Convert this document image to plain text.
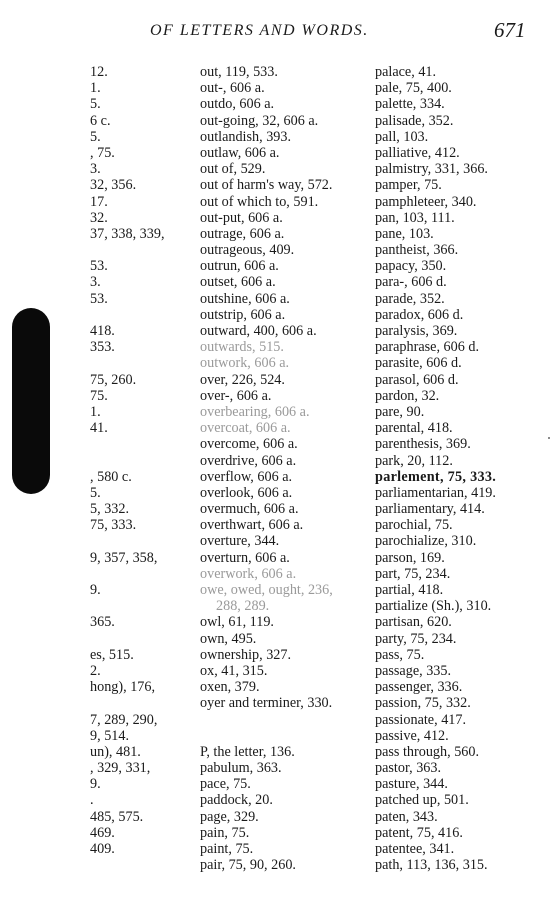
OF LETTERS AND WORDS.	671
12.
1.
5.
6 c.
5.
, 75.
3.
32, 356.
17.
32.
37, 338, 339,
53.
3.
53.
418.
353.
75, 260.
75.
1.
41.
, 580 c.
5.
5, 332.
75, 333.
9, 357, 358,
9.
365.
es, 515.
2.
hong), 176,
7, 289, 290,
9, 514.
un), 481.
, 329, 331,
9.
.
485, 575.
469.
409.
out, 119, 533.
out-, 606 a.
outdo, 606 a.
out-going, 32, 606 a.
outlandish, 393.
outlaw, 606 a.
out of, 529.
out of harm's way, 572.
out of which to, 591.
out-put, 606 a.
outrage, 606 a.
outrageous, 409.
outrun, 606 a.
outset, 606 a.
outshine, 606 a.
outstrip, 606 a.
outward, 400, 606 a.
outwards, 515.
outwork, 606 a.
over, 226, 524.
over-, 606 a.
overbearing, 606 a.
overcoat, 606 a.
overcome, 606 a.
overdrive, 606 a.
overflow, 606 a.
overlook, 606 a.
overmuch, 606 a.
overthwart, 606 a.
overture, 344.
overturn, 606 a.
overwork, 606 a.
owe, owed, ought, 236,
288, 289.
owl, 61, 119.
own, 495.
ownership, 327.
ox, 41, 315.
oxen, 379.
oyer and terminer, 330.
P, the letter, 136.
pabulum, 363.
pace, 75.
paddock, 20.
page, 329.
pain, 75.
paint, 75.
pair, 75, 90, 260.
palace, 41.
pale, 75, 400.
palette, 334.
palisade, 352.
pall, 103.
palliative, 412.
palmistry, 331, 366.
pamper, 75.
pamphleteer, 340.
pan, 103, 111.
pane, 103.
pantheist, 366.
papacy, 350.
para-, 606 d.
parade, 352.
paradox, 606 d.
paralysis, 369.
paraphrase, 606 d.
parasite, 606 d.
parasol, 606 d.
pardon, 32.
pare, 90.
parental, 418.
parenthesis, 369.
park, 20, 112.
parlement, 75, 333.
parliamentarian, 419.
parliamentary, 414.
parochial, 75.
parochialize, 310.
parson, 169.
part, 75, 234.
partial, 418.
partialize (Sh.), 310.
partisan, 620.
party, 75, 234.
pass, 75.
passage, 335.
passenger, 336.
passion, 75, 332.
passionate, 417.
passive, 412.
pass through, 560.
pastor, 363.
pasture, 344.
patched up, 501.
paten, 343.
patent, 75, 416.
patentee, 341.
path, 113, 136, 315.
